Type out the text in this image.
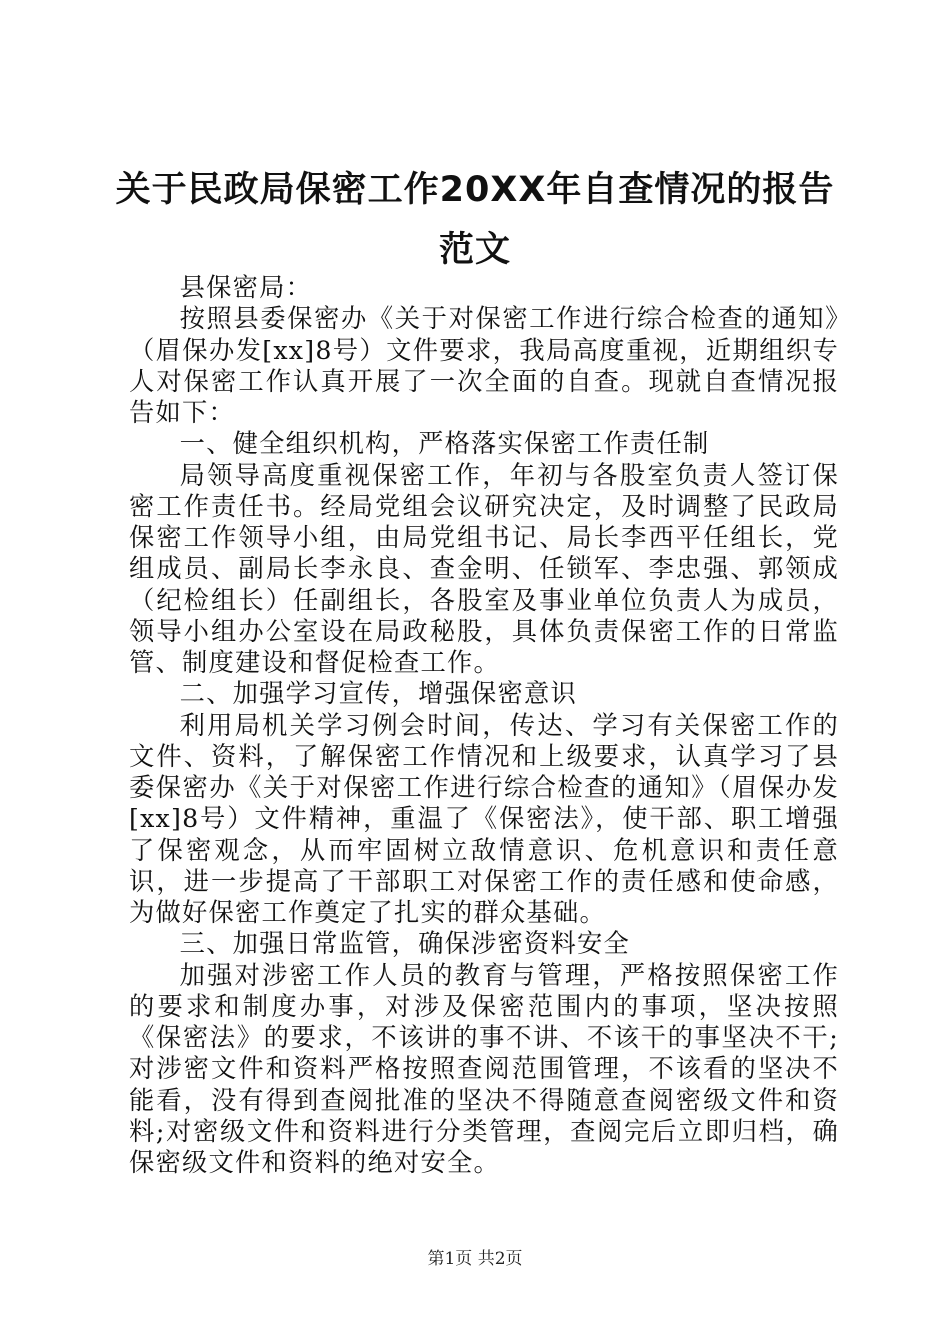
关于民政局保密工作20XX年自查情况的报告
范文

县保密局：

按照县委保密办《关于对保密工作进行综合检查的通知》（眉保办发[xx]8号）文件要求，我局高度重视，近期组织专人对保密工作认真开展了一次全面的自查。现就自查情况报告如下：

一、健全组织机构，严格落实保密工作责任制

局领导高度重视保密工作，年初与各股室负责人签订保密工作责任书。经局党组会议研究决定，及时调整了民政局保密工作领导小组，由局党组书记、局长李西平任组长，党组成员、副局长李永良、查金明、任锁军、李忠强、郭领成（纪检组长）任副组长，各股室及事业单位负责人为成员，领导小组办公室设在局政秘股，具体负责保密工作的日常监管、制度建设和督促检查工作。

二、加强学习宣传，增强保密意识

利用局机关学习例会时间，传达、学习有关保密工作的文件、资料，了解保密工作情况和上级要求，认真学习了县委保密办《关于对保密工作进行综合检查的通知》（眉保办发[xx]8号）文件精神，重温了《保密法》，使干部、职工增强了保密观念，从而牢固树立敌情意识、危机意识和责任意识，进一步提高了干部职工对保密工作的责任感和使命感，为做好保密工作奠定了扎实的群众基础。

三、加强日常监管，确保涉密资料安全

加强对涉密工作人员的教育与管理，严格按照保密工作的要求和制度办事，对涉及保密范围内的事项，坚决按照《保密法》的要求，不该讲的事不讲、不该干的事坚决不干;对涉密文件和资料严格按照查阅范围管理，不该看的坚决不能看，没有得到查阅批准的坚决不得随意查阅密级文件和资料;对密级文件和资料进行分类管理，查阅完后立即归档，确保密级文件和资料的绝对安全。

第1页 共2页
